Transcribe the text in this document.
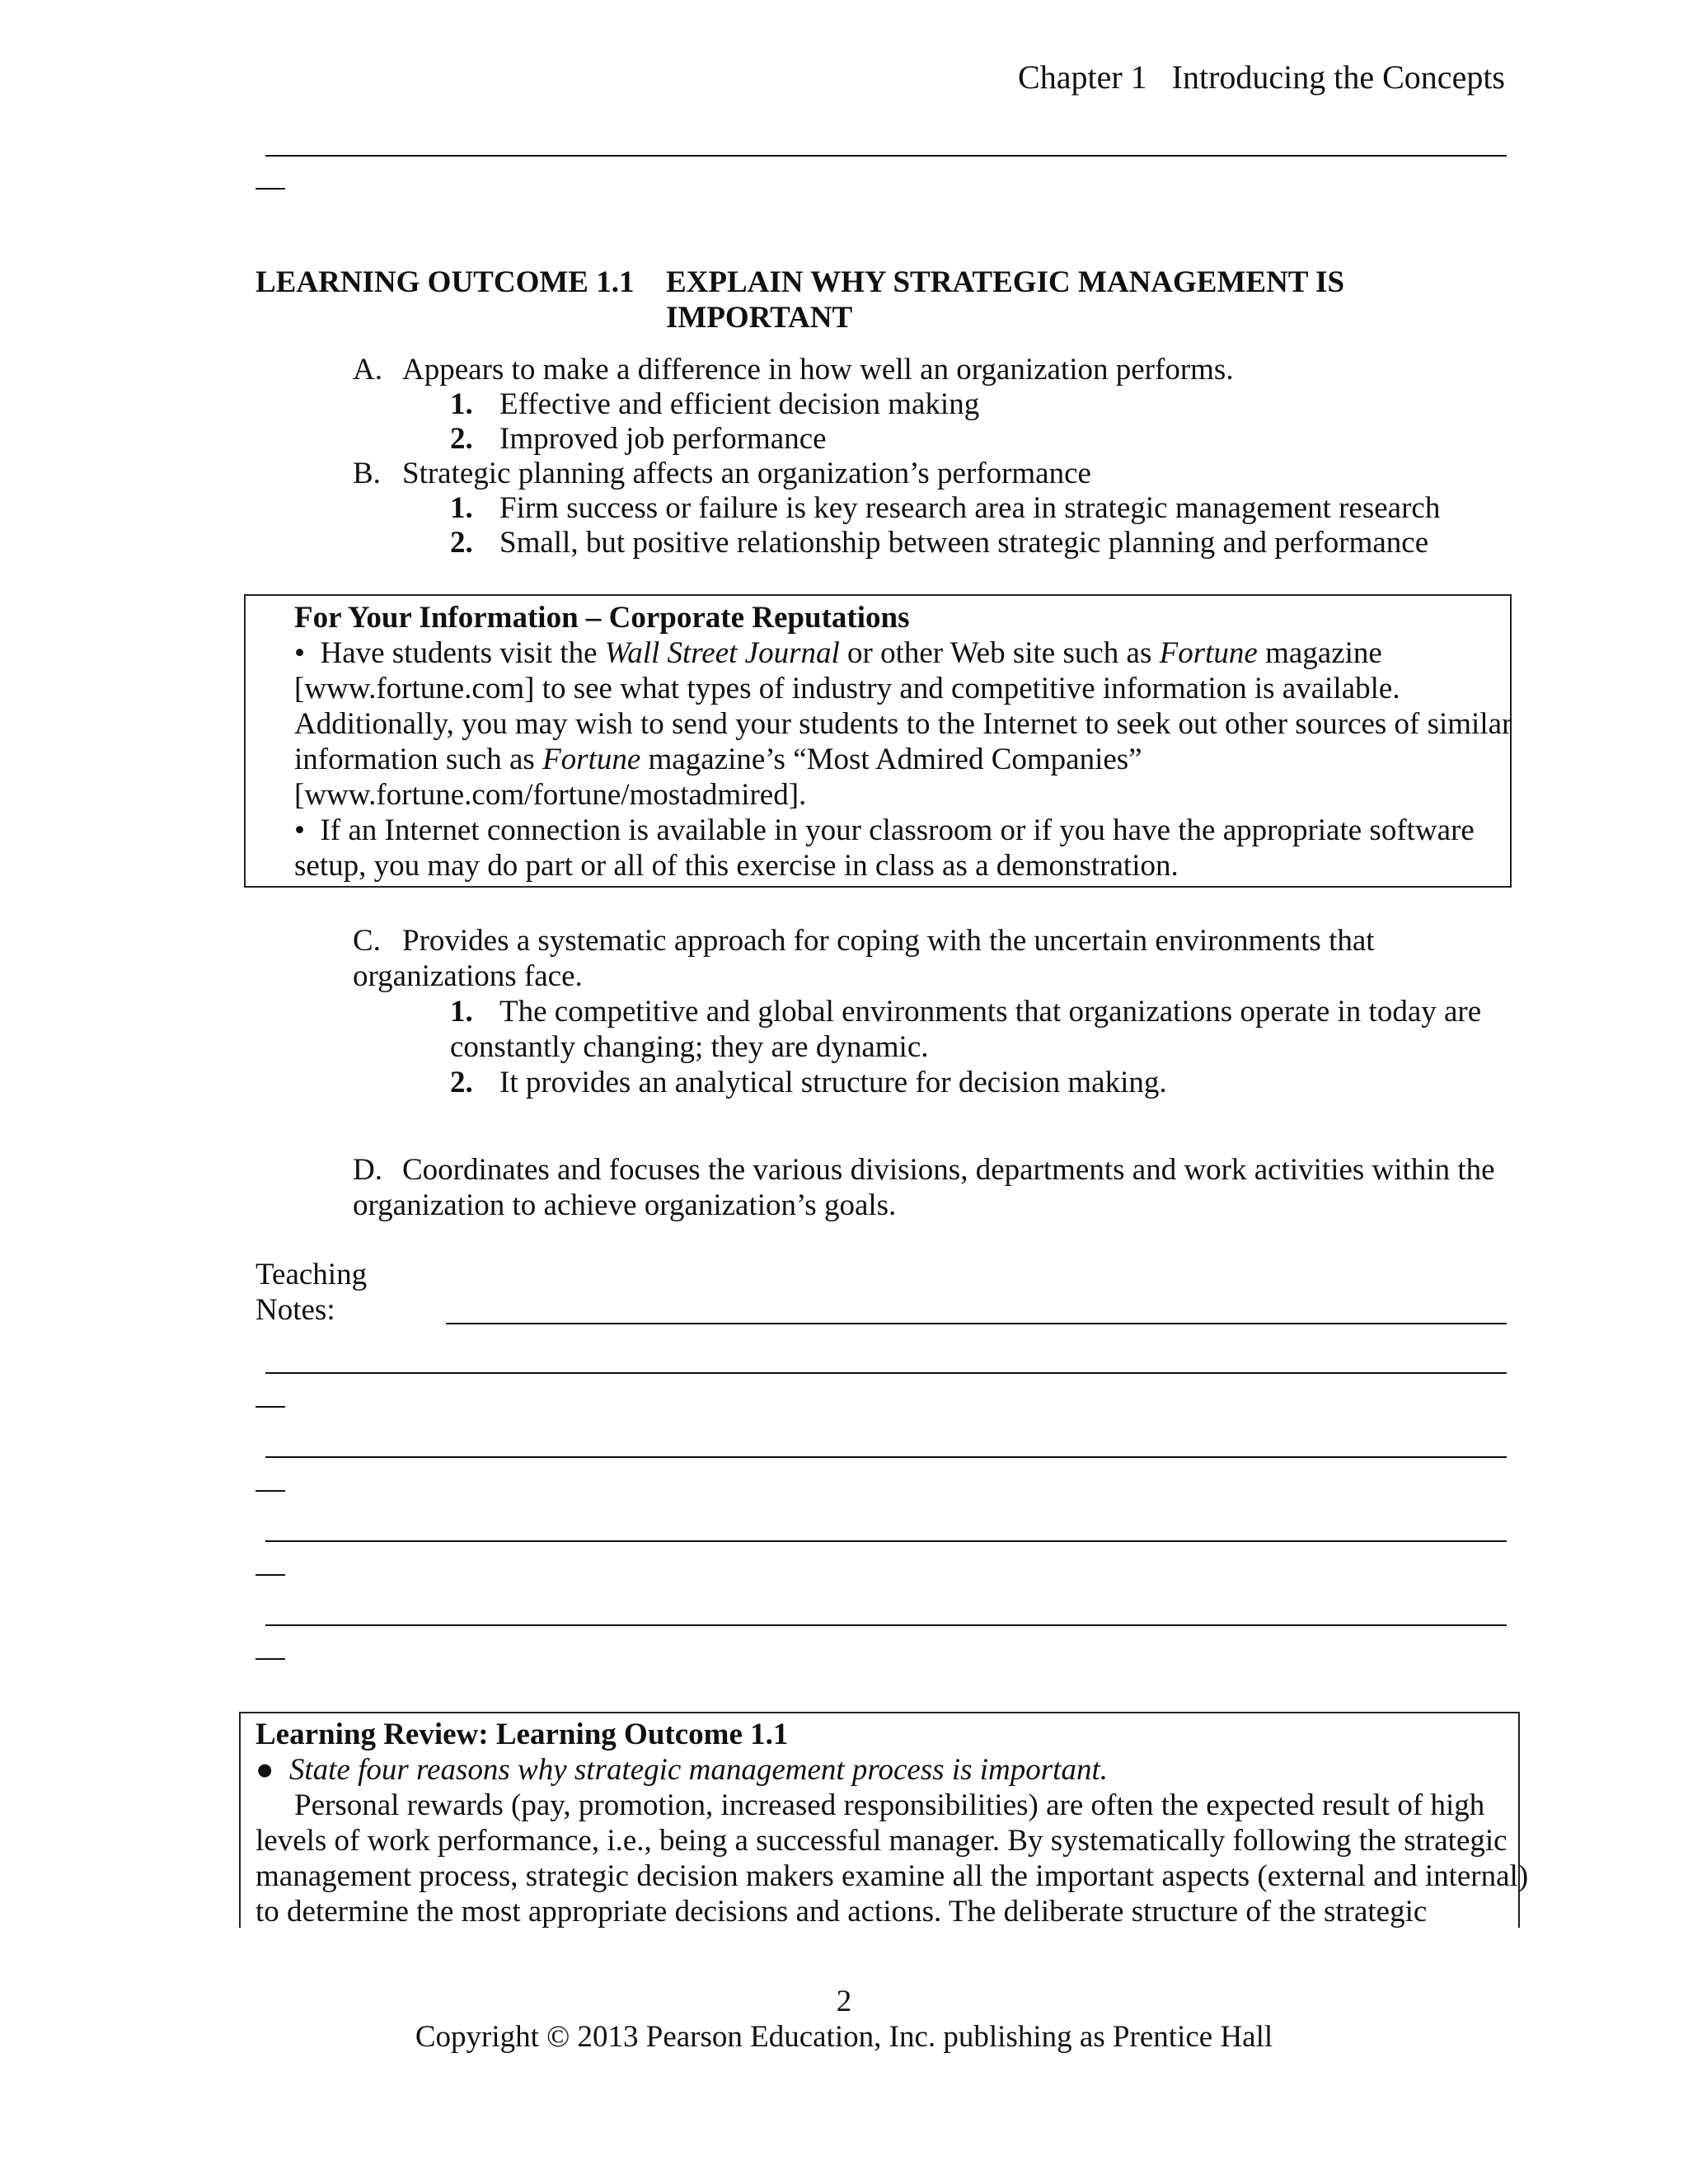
Chapter 1 Introducing the Concepts
LEARNING OUTCOME 1.1 EXPLAIN WHY STRATEGIC MANAGEMENT IS
IMPORTANT
A. Appears to make a difference in how well an organization performs.
1. Effective and efficient decision making
2. Improved job performance
B. Strategic planning affects an organization’s performance
1. Firm success or failure is key research area in strategic management research
2. Small, but positive relationship between strategic planning and performance
For Your Information – Corporate Reputations
• Have students visit the Wall Street Journal or other Web site such as Fortune magazine
[www.fortune.com] to see what types of industry and competitive information is available.
Additionally, you may wish to send your students to the Internet to seek out other sources of similar
information such as Fortune magazine’s “Most Admired Companies”
[www.fortune.com/fortune/mostadmired].
• If an Internet connection is available in your classroom or if you have the appropriate software
setup, you may do part or all of this exercise in class as a demonstration.
C. Provides a systematic approach for coping with the uncertain environments that
organizations face.
1. The competitive and global environments that organizations operate in today are
constantly changing; they are dynamic.
2. It provides an analytical structure for decision making.
D. Coordinates and focuses the various divisions, departments and work activities within the
organization to achieve organization’s goals.
Teaching
Notes:
Learning Review: Learning Outcome 1.1
● State four reasons why strategic management process is important.
Personal rewards (pay, promotion, increased responsibilities) are often the expected result of high
levels of work performance, i.e., being a successful manager. By systematically following the strategic
management process, strategic decision makers examine all the important aspects (external and internal)
to determine the most appropriate decisions and actions. The deliberate structure of the strategic
2
Copyright © 2013 Pearson Education, Inc. publishing as Prentice Hall
